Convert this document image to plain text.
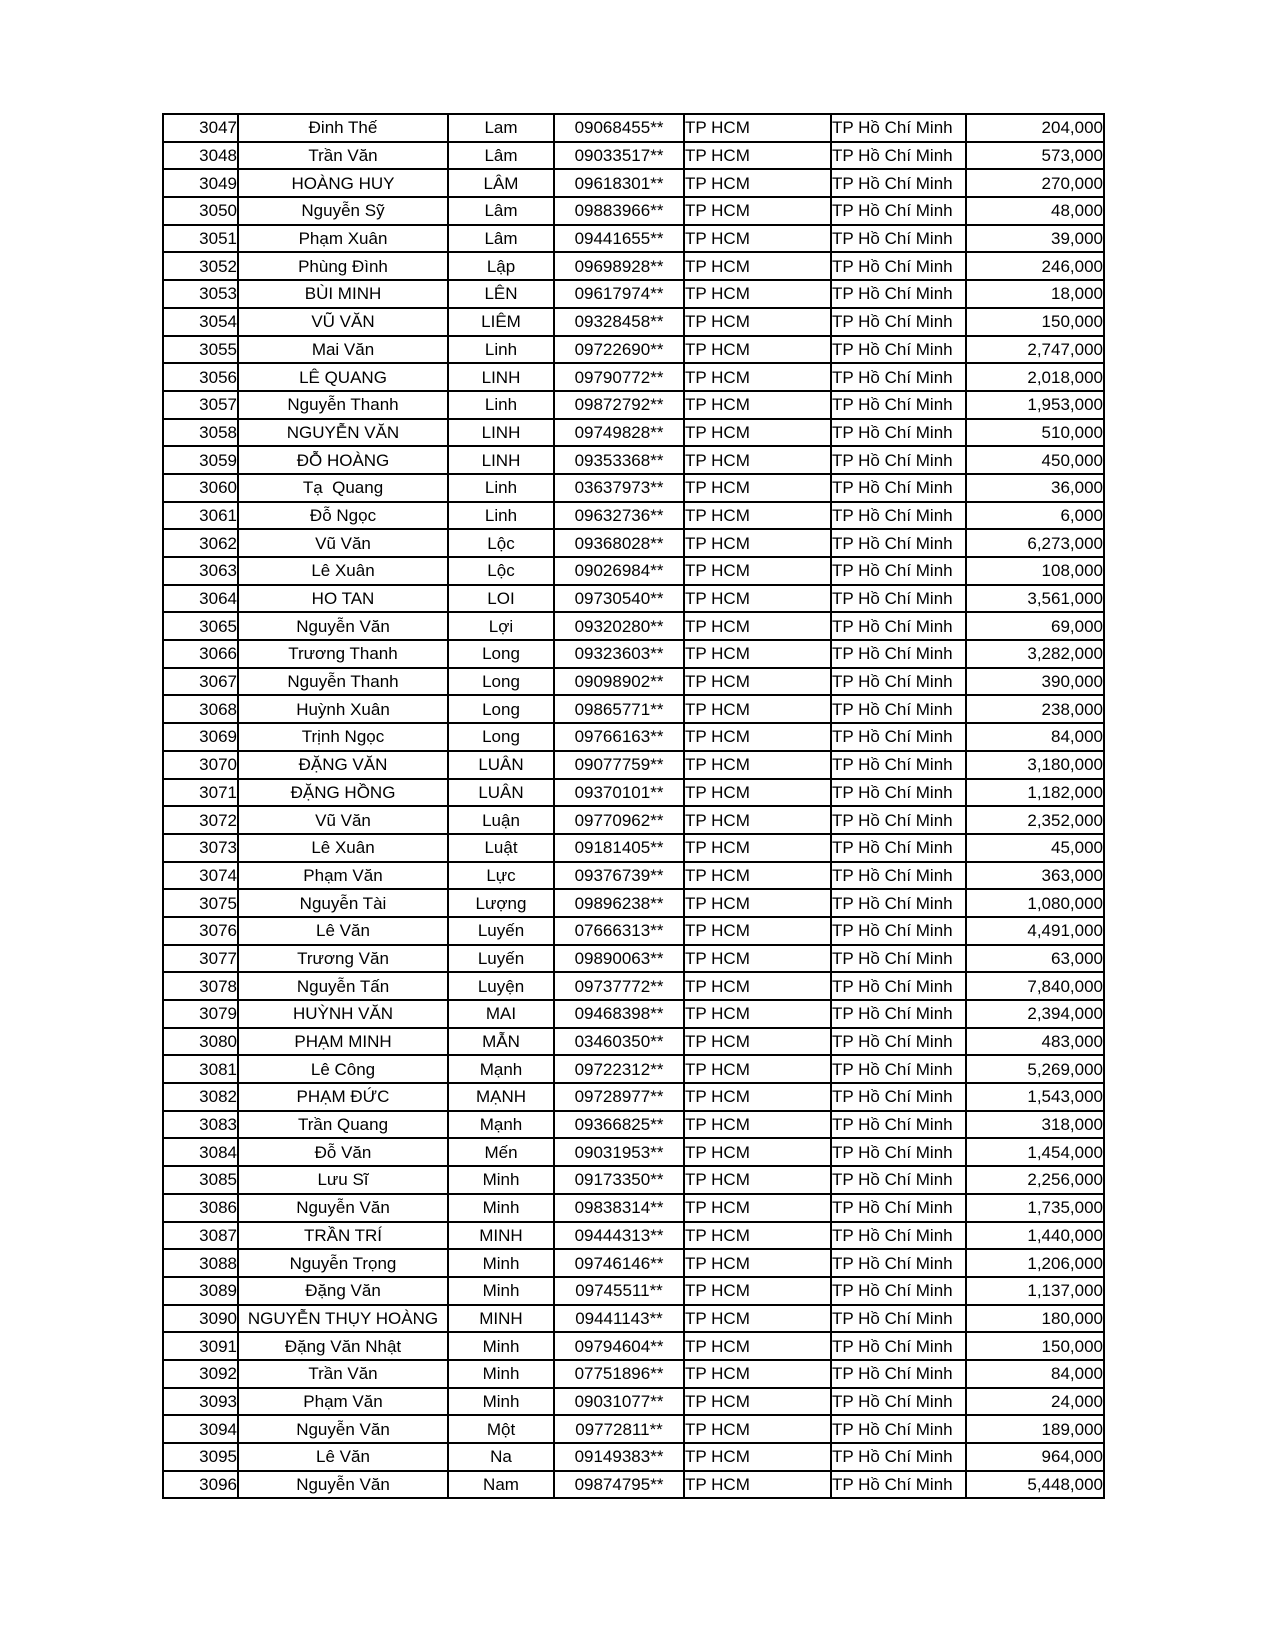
3047	Đinh Thế	Lam	09068455**	TP HCM	TP Hồ Chí Minh	204,000
3048	Trần Văn	Lâm	09033517**	TP HCM	TP Hồ Chí Minh	573,000
3049	HOÀNG HUY	LÂM	09618301**	TP HCM	TP Hồ Chí Minh	270,000
3050	Nguyễn Sỹ	Lâm	09883966**	TP HCM	TP Hồ Chí Minh	48,000
3051	Phạm Xuân	Lâm	09441655**	TP HCM	TP Hồ Chí Minh	39,000
3052	Phùng Đình	Lập	09698928**	TP HCM	TP Hồ Chí Minh	246,000
3053	BÙI MINH	LÊN	09617974**	TP HCM	TP Hồ Chí Minh	18,000
3054	VŨ VĂN	LIÊM	09328458**	TP HCM	TP Hồ Chí Minh	150,000
3055	Mai Văn	Linh	09722690**	TP HCM	TP Hồ Chí Minh	2,747,000
3056	LÊ QUANG	LINH	09790772**	TP HCM	TP Hồ Chí Minh	2,018,000
3057	Nguyễn Thanh	Linh	09872792**	TP HCM	TP Hồ Chí Minh	1,953,000
3058	NGUYỄN VĂN	LINH	09749828**	TP HCM	TP Hồ Chí Minh	510,000
3059	ĐỖ HOÀNG	LINH	09353368**	TP HCM	TP Hồ Chí Minh	450,000
3060	Tạ  Quang	Linh	03637973**	TP HCM	TP Hồ Chí Minh	36,000
3061	Đỗ Ngọc	Linh	09632736**	TP HCM	TP Hồ Chí Minh	6,000
3062	Vũ Văn	Lộc	09368028**	TP HCM	TP Hồ Chí Minh	6,273,000
3063	Lê Xuân	Lộc	09026984**	TP HCM	TP Hồ Chí Minh	108,000
3064	HO TAN	LOI	09730540**	TP HCM	TP Hồ Chí Minh	3,561,000
3065	Nguyễn Văn	Lợi	09320280**	TP HCM	TP Hồ Chí Minh	69,000
3066	Trương Thanh	Long	09323603**	TP HCM	TP Hồ Chí Minh	3,282,000
3067	Nguyễn Thanh	Long	09098902**	TP HCM	TP Hồ Chí Minh	390,000
3068	Huỳnh Xuân	Long	09865771**	TP HCM	TP Hồ Chí Minh	238,000
3069	Trịnh Ngọc	Long	09766163**	TP HCM	TP Hồ Chí Minh	84,000
3070	ĐẶNG VĂN	LUÂN	09077759**	TP HCM	TP Hồ Chí Minh	3,180,000
3071	ĐẶNG HỒNG	LUÂN	09370101**	TP HCM	TP Hồ Chí Minh	1,182,000
3072	Vũ Văn	Luận	09770962**	TP HCM	TP Hồ Chí Minh	2,352,000
3073	Lê Xuân	Luật	09181405**	TP HCM	TP Hồ Chí Minh	45,000
3074	Phạm Văn	Lực	09376739**	TP HCM	TP Hồ Chí Minh	363,000
3075	Nguyễn Tài	Lượng	09896238**	TP HCM	TP Hồ Chí Minh	1,080,000
3076	Lê Văn	Luyến	07666313**	TP HCM	TP Hồ Chí Minh	4,491,000
3077	Trương Văn	Luyến	09890063**	TP HCM	TP Hồ Chí Minh	63,000
3078	Nguyễn Tấn	Luyện	09737772**	TP HCM	TP Hồ Chí Minh	7,840,000
3079	HUỲNH VĂN	MAI	09468398**	TP HCM	TP Hồ Chí Minh	2,394,000
3080	PHẠM MINH	MẪN	03460350**	TP HCM	TP Hồ Chí Minh	483,000
3081	Lê Công	Mạnh	09722312**	TP HCM	TP Hồ Chí Minh	5,269,000
3082	PHẠM ĐỨC	MẠNH	09728977**	TP HCM	TP Hồ Chí Minh	1,543,000
3083	Trần Quang	Mạnh	09366825**	TP HCM	TP Hồ Chí Minh	318,000
3084	Đỗ Văn	Mến	09031953**	TP HCM	TP Hồ Chí Minh	1,454,000
3085	Lưu Sĩ	Minh	09173350**	TP HCM	TP Hồ Chí Minh	2,256,000
3086	Nguyễn Văn	Minh	09838314**	TP HCM	TP Hồ Chí Minh	1,735,000
3087	TRẦN TRÍ	MINH	09444313**	TP HCM	TP Hồ Chí Minh	1,440,000
3088	Nguyễn Trọng	Minh	09746146**	TP HCM	TP Hồ Chí Minh	1,206,000
3089	Đặng Văn	Minh	09745511**	TP HCM	TP Hồ Chí Minh	1,137,000
3090	NGUYỄN THỤY HOÀNG	MINH	09441143**	TP HCM	TP Hồ Chí Minh	180,000
3091	Đặng Văn Nhật	Minh	09794604**	TP HCM	TP Hồ Chí Minh	150,000
3092	Trần Văn	Minh	07751896**	TP HCM	TP Hồ Chí Minh	84,000
3093	Phạm Văn	Minh	09031077**	TP HCM	TP Hồ Chí Minh	24,000
3094	Nguyễn Văn	Một	09772811**	TP HCM	TP Hồ Chí Minh	189,000
3095	Lê Văn	Na	09149383**	TP HCM	TP Hồ Chí Minh	964,000
3096	Nguyễn Văn	Nam	09874795**	TP HCM	TP Hồ Chí Minh	5,448,000
